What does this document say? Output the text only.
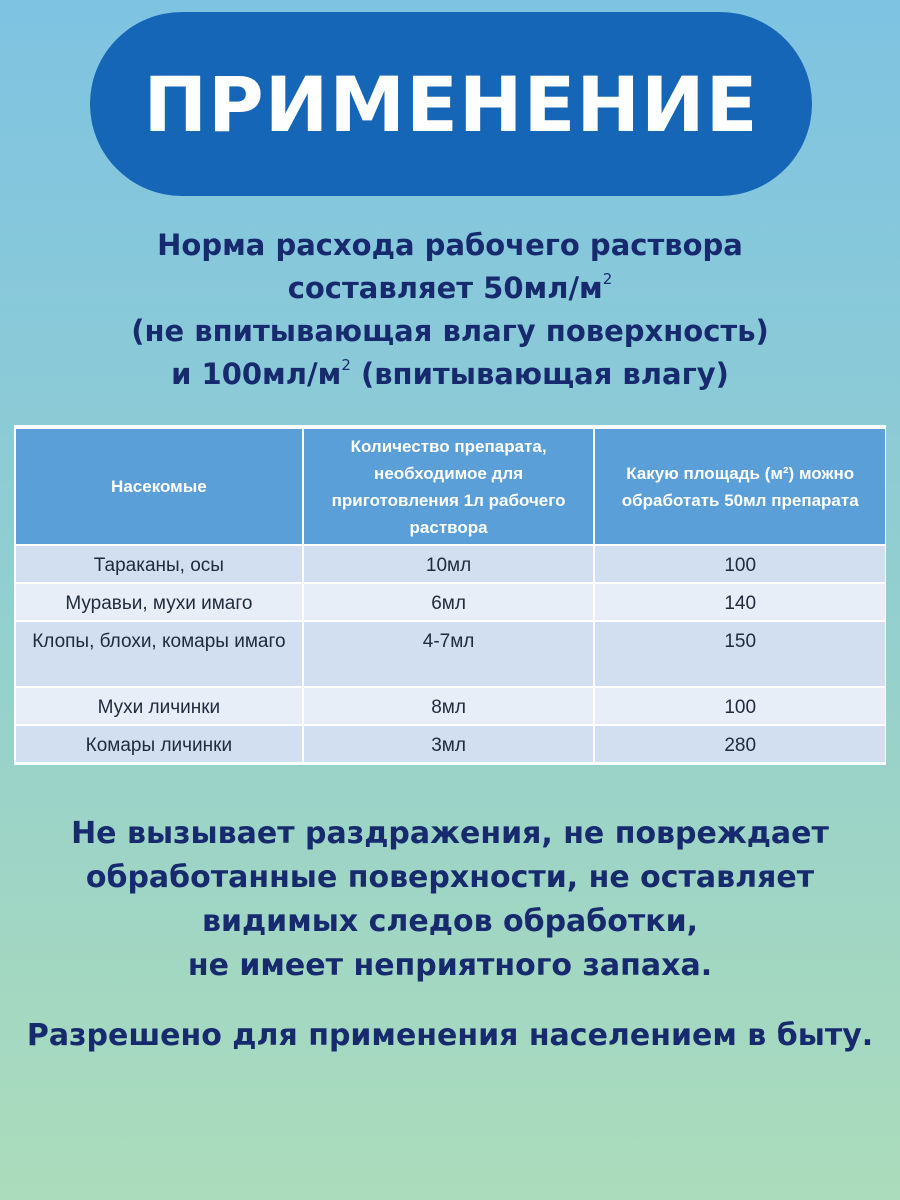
ПРИМЕНЕНИЕ
Норма расхода рабочего раствора
составляет $50мл/м^2$
(не впитывающая влагу поверхность)
и $100мл/м^2$ (впитывающая влагу)
Насекомые	Количество препарата, необходимое для приготовления 1л рабочего раствора	Какую площадь (м²) можно обработать 50мл препарата
Тараканы, осы	10мл	100
Муравьи, мухи имаго	6мл	140
Клопы, блохи, комары имаго	4-7мл	150
Мухи личинки	8мл	100
Комары личинки	3мл	280
Не вызывает раздражения, не повреждает
обработанные поверхности, не оставляет
видимых следов обработки,
не имеет неприятного запаха.
Разрешено для применения населением в быту.
